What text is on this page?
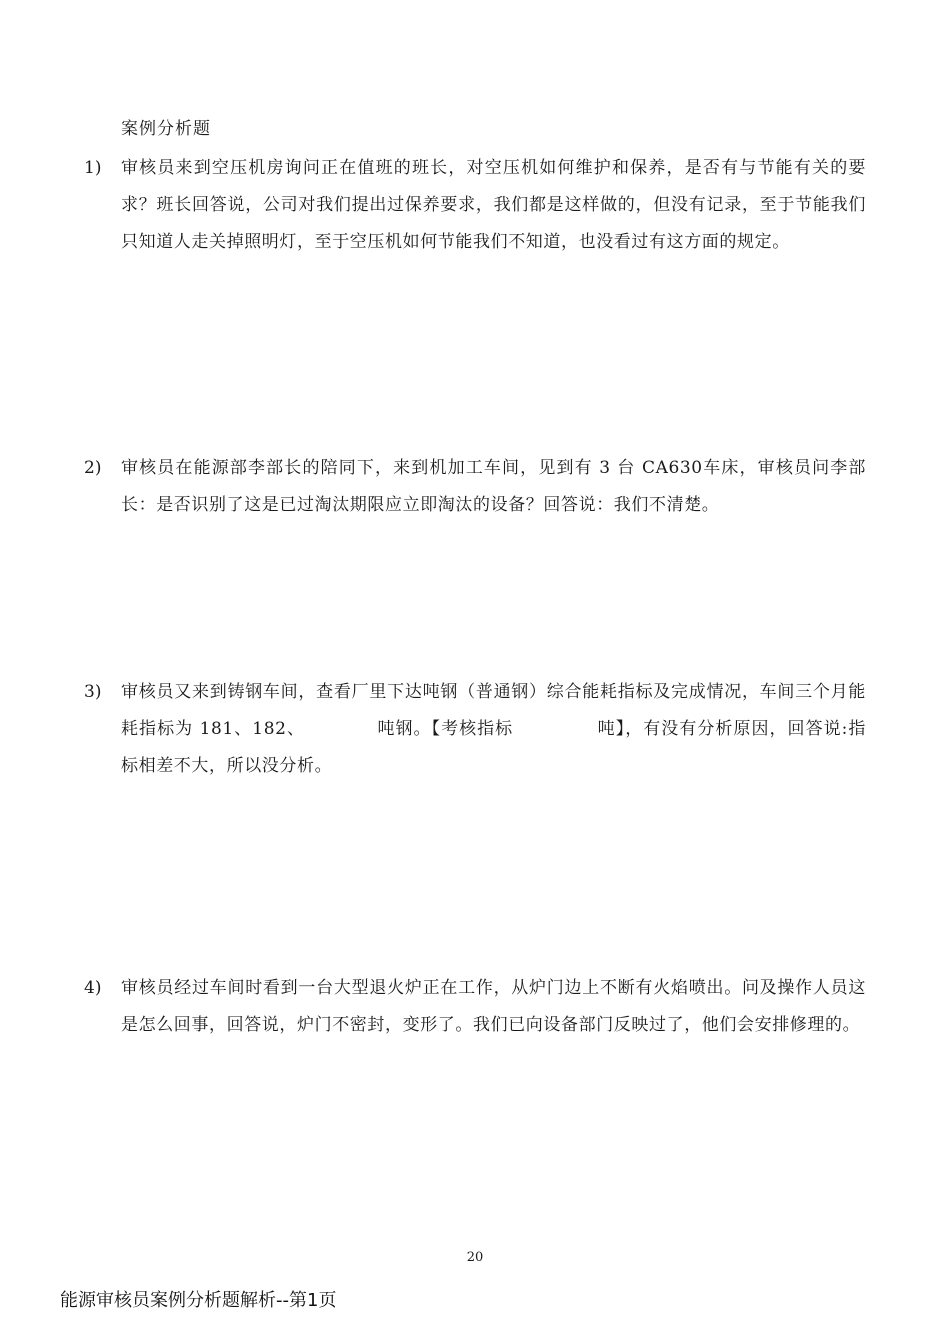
案例分析题
1)	审核员来到空压机房询问正在值班的班长，对空压机如何维护和保养，是否有与节能有关的要求？班长回答说，公司对我们提出过保养要求，我们都是这样做的，但没有记录，至于节能我们只知道人走关掉照明灯，至于空压机如何节能我们不知道，也没看过有这方面的规定。
2)	审核员在能源部李部长的陪同下，来到机加工车间，见到有 3 台 CA630车床，审核员问李部长：是否识别了这是已过淘汰期限应立即淘汰的设备？回答说：我们不清楚。
3)	审核员又来到铸钢车间，查看厂里下达吨钢（普通钢）综合能耗指标及完成情况，车间三个月能耗指标为 181、182、	吨钢。【考核指标	吨】，有没有分析原因，回答说:指标相差不大，所以没分析。
4)	审核员经过车间时看到一台大型退火炉正在工作，从炉门边上不断有火焰喷出。问及操作人员这是怎么回事，回答说，炉门不密封，变形了。我们已向设备部门反映过了，他们会安排修理的。
20
能源审核员案例分析题解析--第1页
